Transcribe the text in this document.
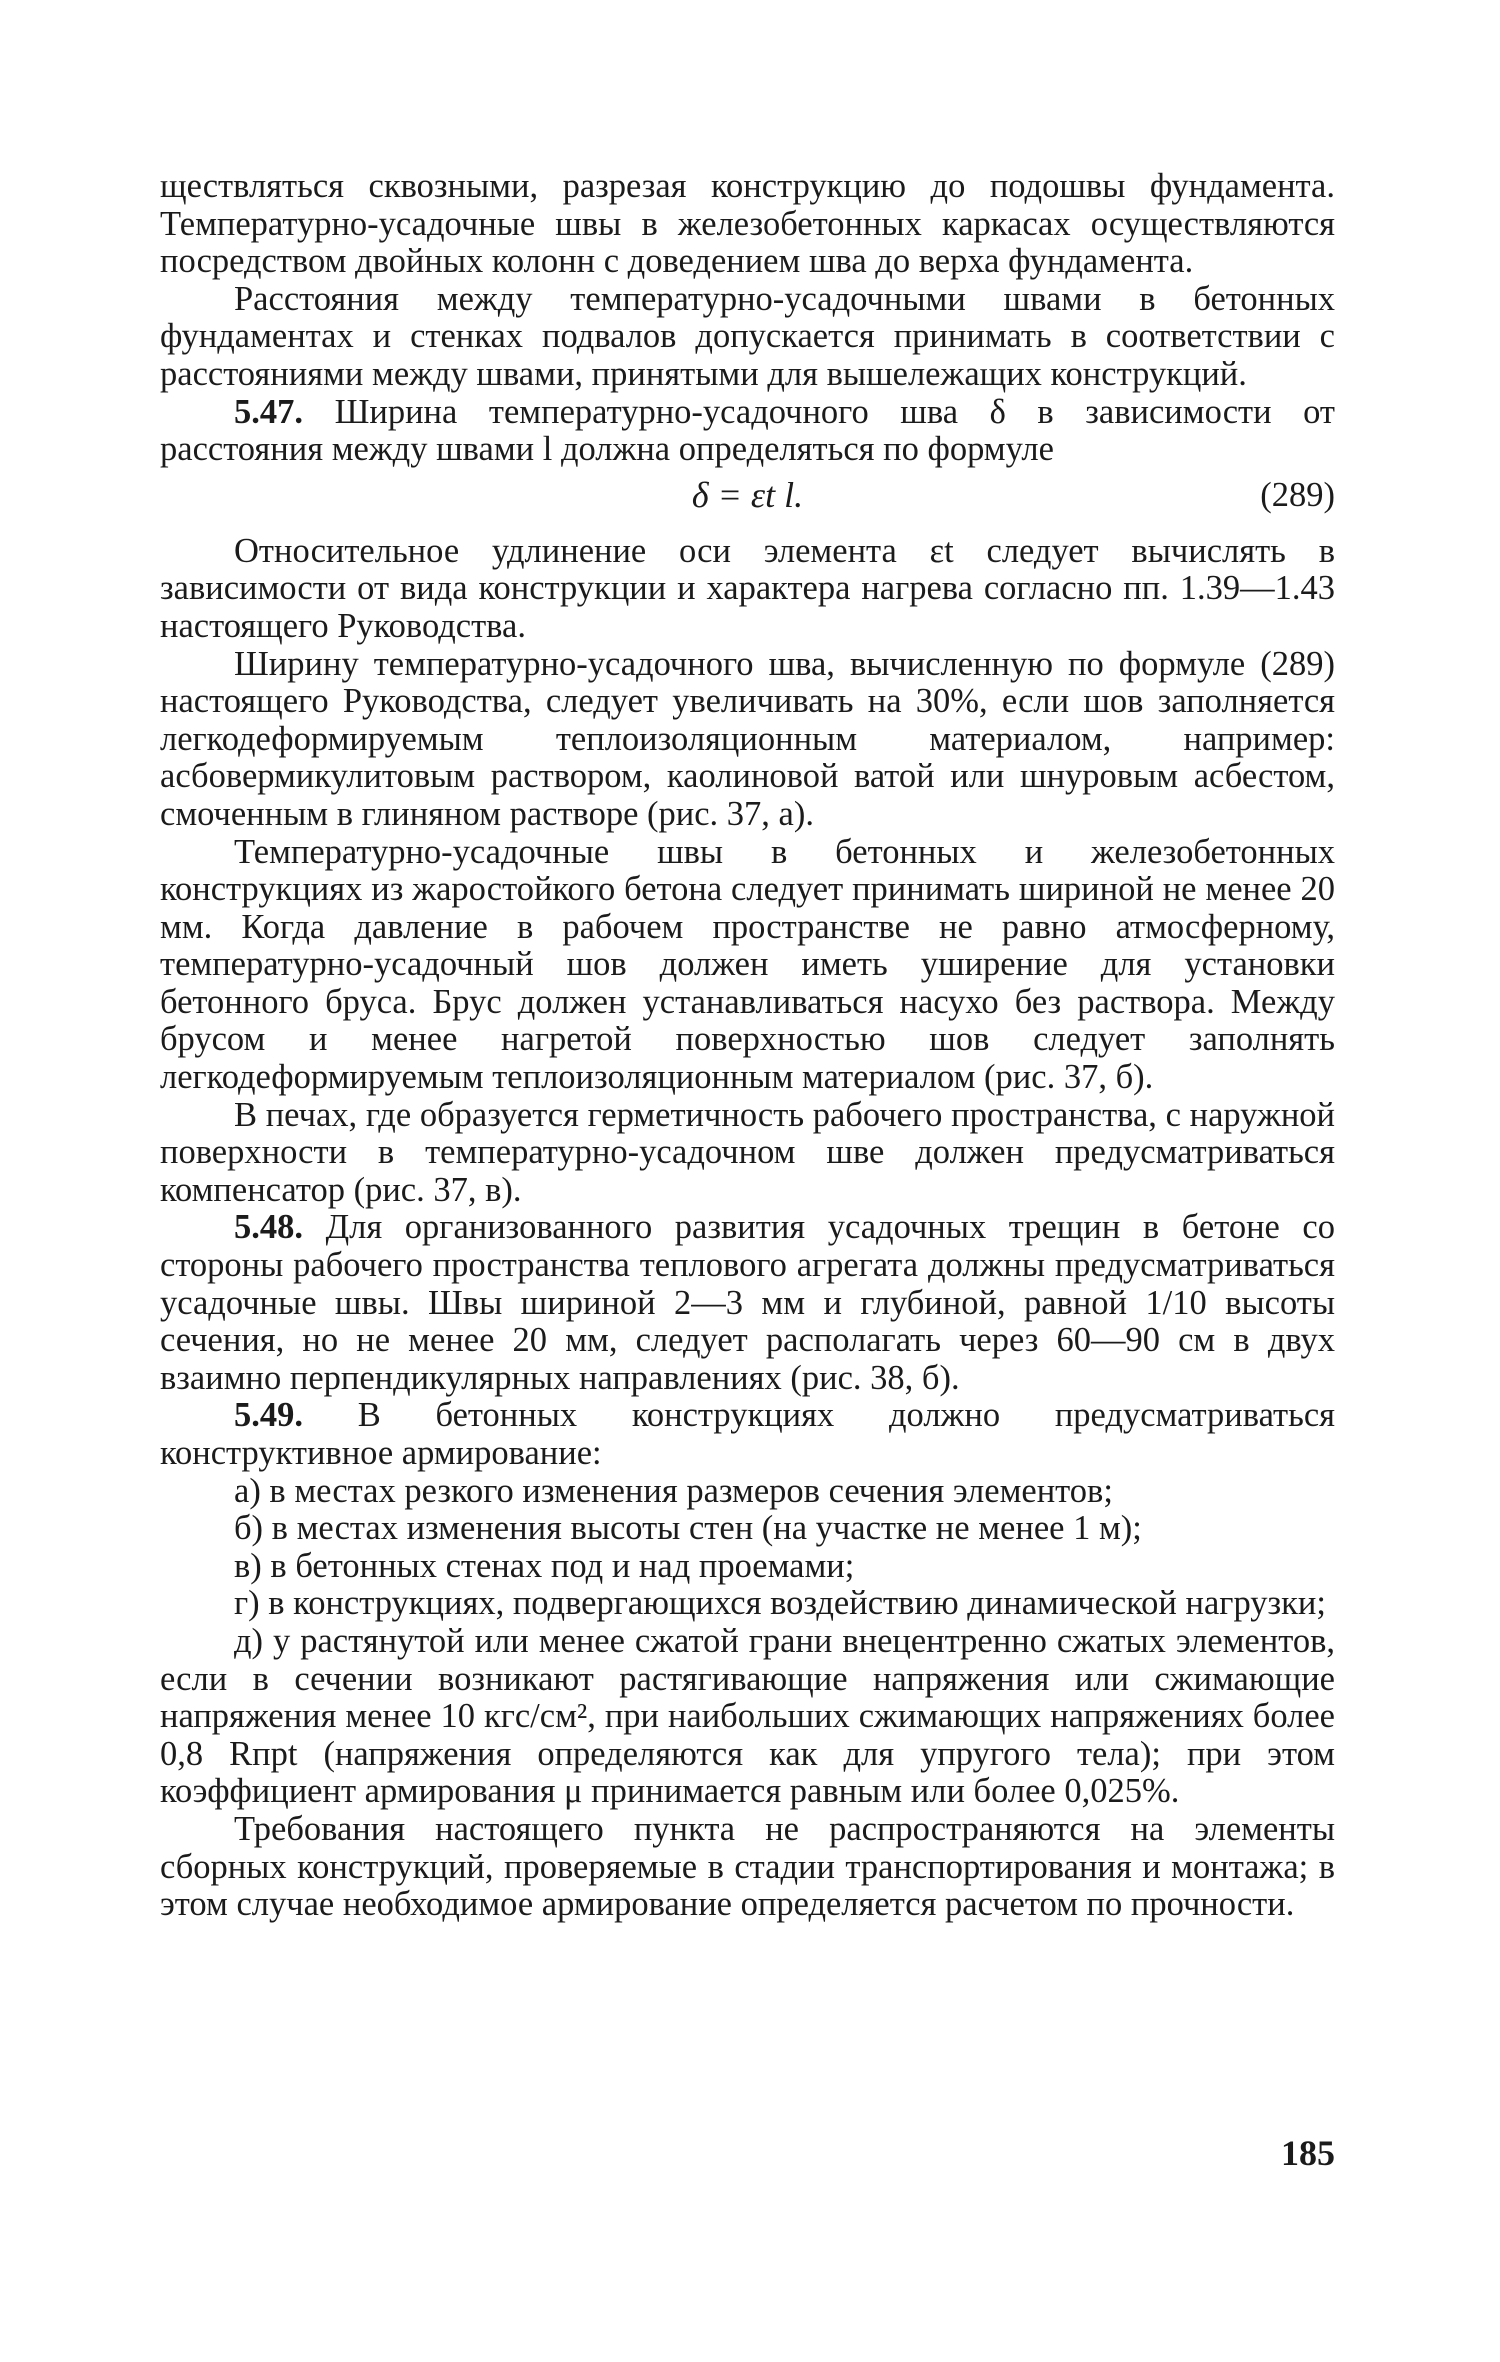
ществляться сквозными, разрезая конструкцию до подошвы фундамента. Температурно-усадочные швы в железобетонных каркасах осуществляются посредством двойных колонн с доведением шва до верха фундамента.

Расстояния между температурно-усадочными швами в бетонных фундаментах и стенках подвалов допускается принимать в соответствии с расстояниями между швами, принятыми для вышележащих конструкций.

5.47. Ширина температурно-усадочного шва δ в зависимости от расстояния между швами l должна определяться по формуле

δ = εt l.	(289)

Относительное удлинение оси элемента εt следует вычислять в зависимости от вида конструкции и характера нагрева согласно пп. 1.39—1.43 настоящего Руководства.

Ширину температурно-усадочного шва, вычисленную по формуле (289) настоящего Руководства, следует увеличивать на 30%, если шов заполняется легкодеформируемым теплоизоляционным материалом, например: асбовермикулитовым раствором, каолиновой ватой или шнуровым асбестом, смоченным в глиняном растворе (рис. 37, а).

Температурно-усадочные швы в бетонных и железобетонных конструкциях из жаростойкого бетона следует принимать шириной не менее 20 мм. Когда давление в рабочем пространстве не равно атмосферному, температурно-усадочный шов должен иметь уширение для установки бетонного бруса. Брус должен устанавливаться насухо без раствора. Между брусом и менее нагретой поверхностью шов следует заполнять легкодеформируемым теплоизоляционным материалом (рис. 37, б).

В печах, где образуется герметичность рабочего пространства, с наружной поверхности в температурно-усадочном шве должен предусматриваться компенсатор (рис. 37, в).

5.48. Для организованного развития усадочных трещин в бетоне со стороны рабочего пространства теплового агрегата должны предусматриваться усадочные швы. Швы шириной 2—3 мм и глубиной, равной 1/10 высоты сечения, но не менее 20 мм, следует располагать через 60—90 см в двух взаимно перпендикулярных направлениях (рис. 38, б).

5.49. В бетонных конструкциях должно предусматриваться конструктивное армирование:

а) в местах резкого изменения размеров сечения элементов;

б) в местах изменения высоты стен (на участке не менее 1 м);

в) в бетонных стенах под и над проемами;

г) в конструкциях, подвергающихся воздействию динамической нагрузки;

д) у растянутой или менее сжатой грани внецентренно сжатых элементов, если в сечении возникают растягивающие напряжения или сжимающие напряжения менее 10 кгс/см², при наибольших сжимающих напряжениях более 0,8 Rпрt (напряжения определяются как для упругого тела); при этом коэффициент армирования μ принимается равным или более 0,025%.

Требования настоящего пункта не распространяются на элементы сборных конструкций, проверяемые в стадии транспортирования и монтажа; в этом случае необходимое армирование определяется расчетом по прочности.

185
